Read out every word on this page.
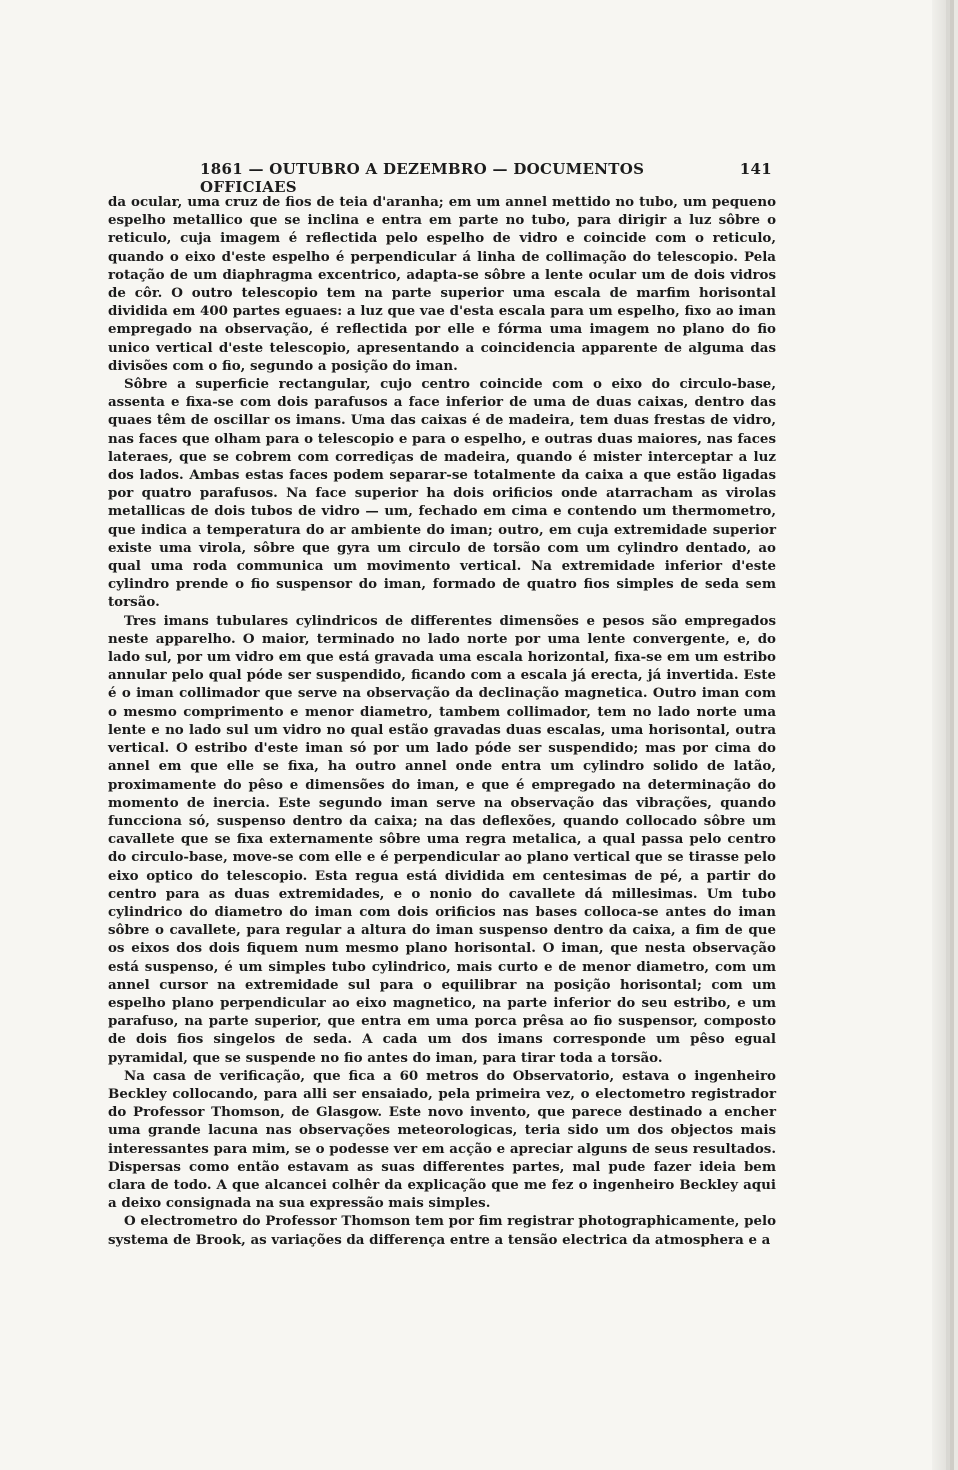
1861 — OUTUBRO A DEZEMBRO — DOCUMENTOS OFFICIAES
141

da ocular, uma cruz de fios de teia d'aranha; em um annel mettido no tubo, um pequeno espelho metallico que se inclina e entra em parte no tubo, para dirigir a luz sôbre o reticulo, cuja imagem é reflectida pelo espelho de vidro e coincide com o reticulo, quando o eixo d'este espelho é perpendicular á linha de collimação do telescopio. Pela rotação de um diaphragma excentrico, adapta-se sôbre a lente ocular um de dois vidros de côr. O outro telescopio tem na parte superior uma escala de marfim horisontal dividida em 400 partes eguaes: a luz que vae d'esta escala para um espelho, fixo ao iman empregado na observação, é reflectida por elle e fórma uma imagem no plano do fio unico vertical d'este telescopio, apresentando a coincidencia apparente de alguma das divisões com o fio, segundo a posição do iman.

Sôbre a superficie rectangular, cujo centro coincide com o eixo do circulo-base, assenta e fixa-se com dois parafusos a face inferior de uma de duas caixas, dentro das quaes têm de oscillar os imans. Uma das caixas é de madeira, tem duas frestas de vidro, nas faces que olham para o telescopio e para o espelho, e outras duas maiores, nas faces lateraes, que se cobrem com corrediças de madeira, quando é mister interceptar a luz dos lados. Ambas estas faces podem separar-se totalmente da caixa a que estão ligadas por quatro parafusos. Na face superior ha dois orificios onde atarracham as virolas metallicas de dois tubos de vidro — um, fechado em cima e contendo um thermometro, que indica a temperatura do ar ambiente do iman; outro, em cuja extremidade superior existe uma virola, sôbre que gyra um circulo de torsão com um cylindro dentado, ao qual uma roda communica um movimento vertical. Na extremidade inferior d'este cylindro prende o fio suspensor do iman, formado de quatro fios simples de seda sem torsão.

Tres imans tubulares cylindricos de differentes dimensões e pesos são empregados neste apparelho. O maior, terminado no lado norte por uma lente convergente, e, do lado sul, por um vidro em que está gravada uma escala horizontal, fixa-se em um estribo annular pelo qual póde ser suspendido, ficando com a escala já erecta, já invertida. Este é o iman collimador que serve na observação da declinação magnetica. Outro iman com o mesmo comprimento e menor diametro, tambem collimador, tem no lado norte uma lente e no lado sul um vidro no qual estão gravadas duas escalas, uma horisontal, outra vertical. O estribo d'este iman só por um lado póde ser suspendido; mas por cima do annel em que elle se fixa, ha outro annel onde entra um cylindro solido de latão, proximamente do pêso e dimensões do iman, e que é empregado na determinação do momento de inercia. Este segundo iman serve na observação das vibrações, quando funcciona só, suspenso dentro da caixa; na das deflexões, quando collocado sôbre um cavallete que se fixa externamente sôbre uma regra metalica, a qual passa pelo centro do circulo-base, move-se com elle e é perpendicular ao plano vertical que se tirasse pelo eixo optico do telescopio. Esta regua está dividida em centesimas de pé, a partir do centro para as duas extremidades, e o nonio do cavallete dá millesimas. Um tubo cylindrico do diametro do iman com dois orificios nas bases colloca-se antes do iman sôbre o cavallete, para regular a altura do iman suspenso dentro da caixa, a fim de que os eixos dos dois fiquem num mesmo plano horisontal. O iman, que nesta observação está suspenso, é um simples tubo cylindrico, mais curto e de menor diametro, com um annel cursor na extremidade sul para o equilibrar na posição horisontal; com um espelho plano perpendicular ao eixo magnetico, na parte inferior do seu estribo, e um parafuso, na parte superior, que entra em uma porca prêsa ao fio suspensor, composto de dois fios singelos de seda. A cada um dos imans corresponde um pêso egual pyramidal, que se suspende no fio antes do iman, para tirar toda a torsão.

Na casa de verificação, que fica a 60 metros do Observatorio, estava o ingenheiro Beckley collocando, para alli ser ensaiado, pela primeira vez, o electometro registrador do Professor Thomson, de Glasgow. Este novo invento, que parece destinado a encher uma grande lacuna nas observações meteorologicas, teria sido um dos objectos mais interessantes para mim, se o podesse ver em acção e apreciar alguns de seus resultados. Dispersas como então estavam as suas differentes partes, mal pude fazer ideia bem clara de todo. A que alcancei colhêr da explicação que me fez o ingenheiro Beckley aqui a deixo consignada na sua expressão mais simples.

O electrometro do Professor Thomson tem por fim registrar photographicamente, pelo systema de Brook, as variações da differença entre a tensão electrica da atmosphera e a
